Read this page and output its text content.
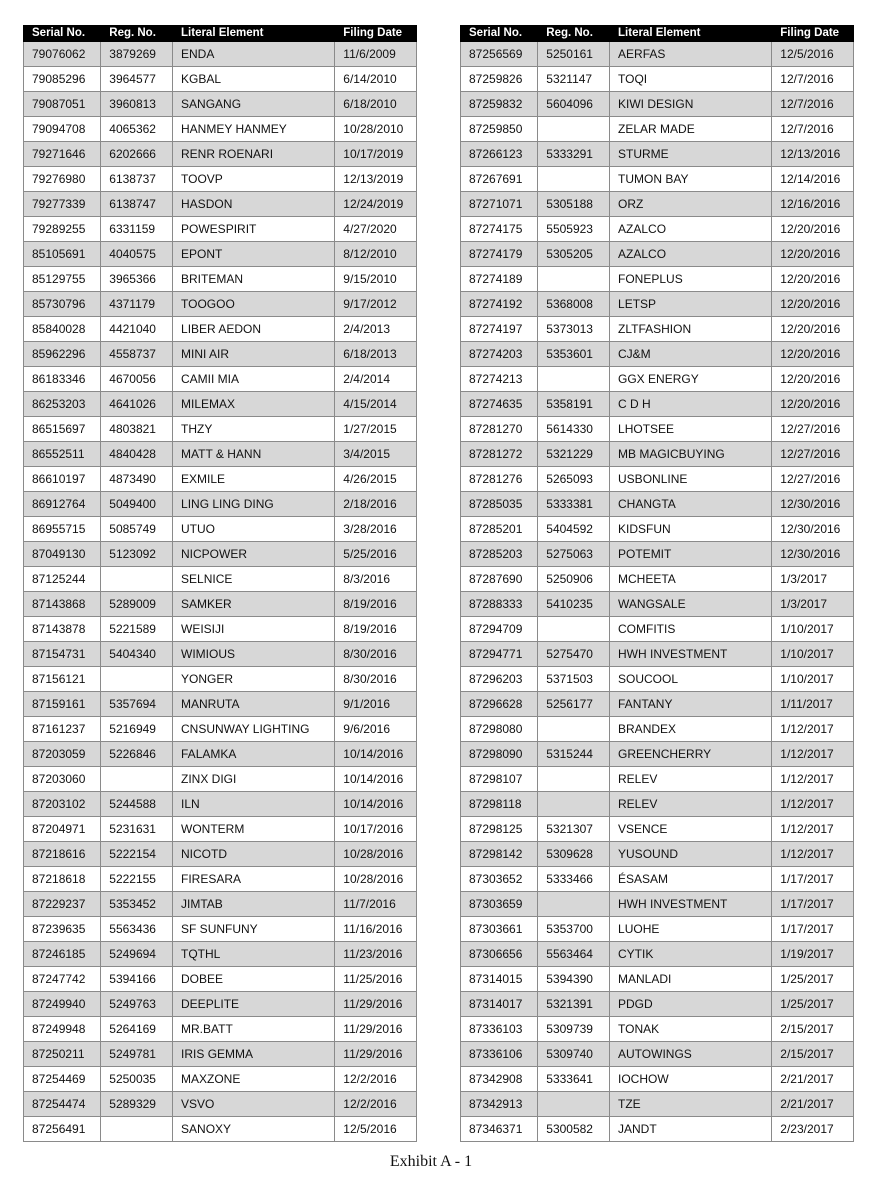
Serial No.	Reg. No.	Literal Element	Filing Date
79076062	3879269	ENDA	11/6/2009
79085296	3964577	KGBAL	6/14/2010
79087051	3960813	SANGANG	6/18/2010
79094708	4065362	HANMEY HANMEY	10/28/2010
79271646	6202666	RENR ROENARI	10/17/2019
79276980	6138737	TOOVP	12/13/2019
79277339	6138747	HASDON	12/24/2019
79289255	6331159	POWESPIRIT	4/27/2020
85105691	4040575	EPONT	8/12/2010
85129755	3965366	BRITEMAN	9/15/2010
85730796	4371179	TOOGOO	9/17/2012
85840028	4421040	LIBER AEDON	2/4/2013
85962296	4558737	MINI AIR	6/18/2013
86183346	4670056	CAMII MIA	2/4/2014
86253203	4641026	MILEMAX	4/15/2014
86515697	4803821	THZY	1/27/2015
86552511	4840428	MATT & HANN	3/4/2015
86610197	4873490	EXMILE	4/26/2015
86912764	5049400	LING LING DING	2/18/2016
86955715	5085749	UTUO	3/28/2016
87049130	5123092	NICPOWER	5/25/2016
87125244		SELNICE	8/3/2016
87143868	5289009	SAMKER	8/19/2016
87143878	5221589	WEISIJI	8/19/2016
87154731	5404340	WIMIOUS	8/30/2016
87156121		YONGER	8/30/2016
87159161	5357694	MANRUTA	9/1/2016
87161237	5216949	CNSUNWAY LIGHTING	9/6/2016
87203059	5226846	FALAMKA	10/14/2016
87203060		ZINX DIGI	10/14/2016
87203102	5244588	ILN	10/14/2016
87204971	5231631	WONTERM	10/17/2016
87218616	5222154	NICOTD	10/28/2016
87218618	5222155	FIRESARA	10/28/2016
87229237	5353452	JIMTAB	11/7/2016
87239635	5563436	SF SUNFUNY	11/16/2016
87246185	5249694	TQTHL	11/23/2016
87247742	5394166	DOBEE	11/25/2016
87249940	5249763	DEEPLITE	11/29/2016
87249948	5264169	MR.BATT	11/29/2016
87250211	5249781	IRIS GEMMA	11/29/2016
87254469	5250035	MAXZONE	12/2/2016
87254474	5289329	VSVO	12/2/2016
87256491		SANOXY	12/5/2016
Serial No.	Reg. No.	Literal Element	Filing Date
87256569	5250161	AERFAS	12/5/2016
87259826	5321147	TOQI	12/7/2016
87259832	5604096	KIWI DESIGN	12/7/2016
87259850		ZELAR MADE	12/7/2016
87266123	5333291	STURME	12/13/2016
87267691		TUMON BAY	12/14/2016
87271071	5305188	ORZ	12/16/2016
87274175	5505923	AZALCO	12/20/2016
87274179	5305205	AZALCO	12/20/2016
87274189		FONEPLUS	12/20/2016
87274192	5368008	LETSP	12/20/2016
87274197	5373013	ZLTFASHION	12/20/2016
87274203	5353601	CJ&M	12/20/2016
87274213		GGX ENERGY	12/20/2016
87274635	5358191	C D H	12/20/2016
87281270	5614330	LHOTSEE	12/27/2016
87281272	5321229	MB MAGICBUYING	12/27/2016
87281276	5265093	USBONLINE	12/27/2016
87285035	5333381	CHANGTA	12/30/2016
87285201	5404592	KIDSFUN	12/30/2016
87285203	5275063	POTEMIT	12/30/2016
87287690	5250906	MCHEETA	1/3/2017
87288333	5410235	WANGSALE	1/3/2017
87294709		COMFITIS	1/10/2017
87294771	5275470	HWH INVESTMENT	1/10/2017
87296203	5371503	SOUCOOL	1/10/2017
87296628	5256177	FANTANY	1/11/2017
87298080		BRANDEX	1/12/2017
87298090	5315244	GREENCHERRY	1/12/2017
87298107		RELEV	1/12/2017
87298118		RELEV	1/12/2017
87298125	5321307	VSENCE	1/12/2017
87298142	5309628	YUSOUND	1/12/2017
87303652	5333466	ÉSASAM	1/17/2017
87303659		HWH INVESTMENT	1/17/2017
87303661	5353700	LUOHE	1/17/2017
87306656	5563464	CYTIK	1/19/2017
87314015	5394390	MANLADI	1/25/2017
87314017	5321391	PDGD	1/25/2017
87336103	5309739	TONAK	2/15/2017
87336106	5309740	AUTOWINGS	2/15/2017
87342908	5333641	IOCHOW	2/21/2017
87342913		TZE	2/21/2017
87346371	5300582	JANDT	2/23/2017
Exhibit A - 1
